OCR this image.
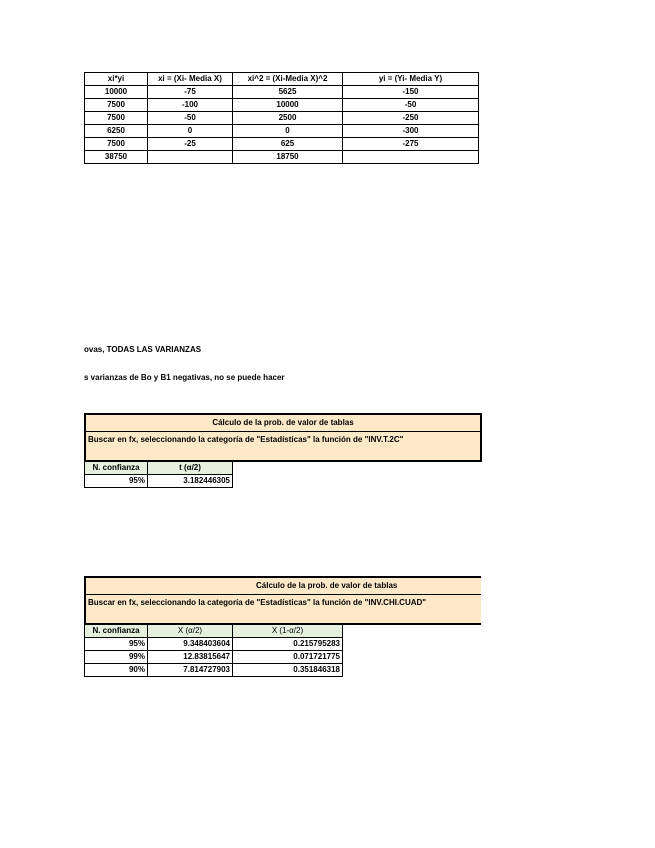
xi*yi	xi = (Xi- Media X)	xi^2 = (Xi-Media X)^2	yi = (Yi- Media Y)
10000	-75	5625	-150
7500	-100	10000	-50
7500	-50	2500	-250
6250	0	0	-300
7500	-25	625	-275
38750		18750	
ovas, TODAS LAS VARIANZAS
s varianzas de Bo y B1 negativas, no se puede hacer
Cálculo de la prob. de valor de tablas
Buscar en fx, seleccionando la categoría de "Estadísticas" la función de "INV.T.2C"
N. confianza	t (α/2)
95%	3.182446305
Cálculo de la prob. de valor de tablas
Buscar en fx, seleccionando la categoría de "Estadísticas" la función de "INV.CHI.CUAD"
N. confianza	X (α/2)	X (1-α/2)
95%	9.348403604	0.215795283
99%	12.83815647	0.071721775
90%	7.814727903	0.351846318
